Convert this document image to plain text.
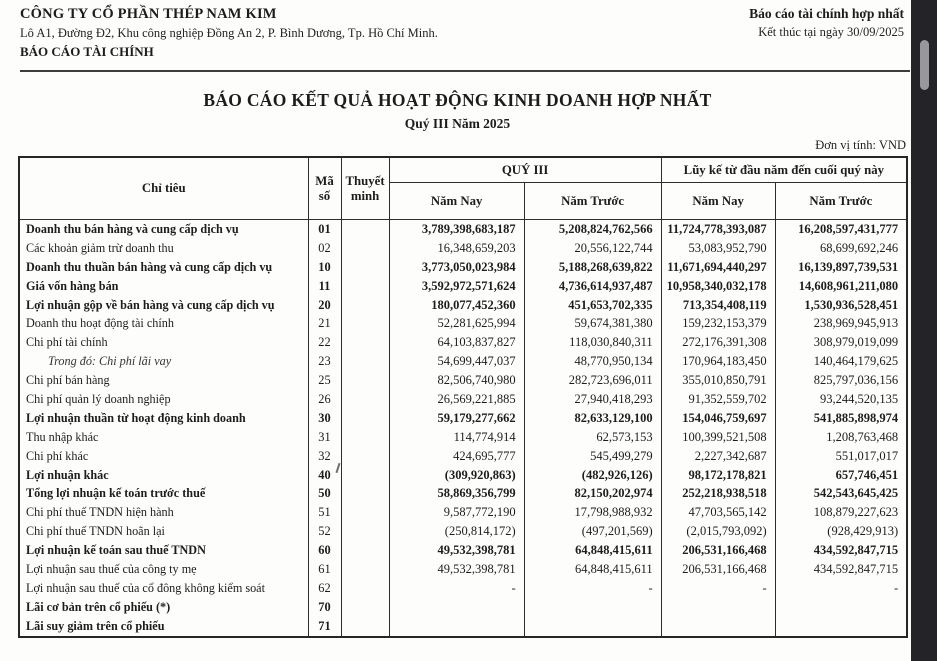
CÔNG TY CỔ PHẦN THÉP NAM KIM
Lô A1, Đường Đ2, Khu công nghiệp Đồng An 2, P. Bình Dương, Tp. Hồ Chí Minh.
BÁO CÁO TÀI CHÍNH
Báo cáo tài chính hợp nhất
Kết thúc tại ngày 30/09/2025
BÁO CÁO KẾT QUẢ HOẠT ĐỘNG KINH DOANH HỢP NHẤT
Quý III Năm 2025
Đơn vị tính: VND
Chỉ tiêu	Mã số	Thuyết minh	QUÝ III		Lũy kế từ đầu năm đến cuối quý này	
			Năm Nay	Năm Trước	Năm Nay	Năm Trước
Doanh thu bán hàng và cung cấp dịch vụ	01		3,789,398,683,187	5,208,824,762,566	11,724,778,393,087	16,208,597,431,777
Các khoản giảm trừ doanh thu	02		16,348,659,203	20,556,122,744	53,083,952,790	68,699,692,246
Doanh thu thuần bán hàng và cung cấp dịch vụ	10		3,773,050,023,984	5,188,268,639,822	11,671,694,440,297	16,139,897,739,531
Giá vốn hàng bán	11		3,592,972,571,624	4,736,614,937,487	10,958,340,032,178	14,608,961,211,080
Lợi nhuận gộp về bán hàng và cung cấp dịch vụ	20		180,077,452,360	451,653,702,335	713,354,408,119	1,530,936,528,451
Doanh thu hoạt động tài chính	21		52,281,625,994	59,674,381,380	159,232,153,379	238,969,945,913
Chi phí tài chính	22		64,103,837,827	118,030,840,311	272,176,391,308	308,979,019,099
Trong đó: Chi phí lãi vay	23		54,699,447,037	48,770,950,134	170,964,183,450	140,464,179,625
Chi phí bán hàng	25		82,506,740,980	282,723,696,011	355,010,850,791	825,797,036,156
Chi phí quản lý doanh nghiệp	26		26,569,221,885	27,940,418,293	91,352,559,702	93,244,520,135
Lợi nhuận thuần từ hoạt động kinh doanh	30		59,179,277,662	82,633,129,100	154,046,759,697	541,885,898,974
Thu nhập khác	31		114,774,914	62,573,153	100,399,521,508	1,208,763,468
Chi phí khác	32		424,695,777	545,499,279	2,227,342,687	551,017,017
Lợi nhuận khác	40		(309,920,863)	(482,926,126)	98,172,178,821	657,746,451
Tổng lợi nhuận kế toán trước thuế	50		58,869,356,799	82,150,202,974	252,218,938,518	542,543,645,425
Chi phí thuế TNDN hiện hành	51		9,587,772,190	17,798,988,932	47,703,565,142	108,879,227,623
Chi phí thuế TNDN hoãn lại	52		(250,814,172)	(497,201,569)	(2,015,793,092)	(928,429,913)
Lợi nhuận kế toán sau thuế TNDN	60		49,532,398,781	64,848,415,611	206,531,166,468	434,592,847,715
Lợi nhuận sau thuế của công ty mẹ	61		49,532,398,781	64,848,415,611	206,531,166,468	434,592,847,715
Lợi nhuận sau thuế của cổ đông không kiểm soát	62		-	-	-	-
Lãi cơ bản trên cổ phiếu (*)	70					
Lãi suy giảm trên cổ phiếu	71					
